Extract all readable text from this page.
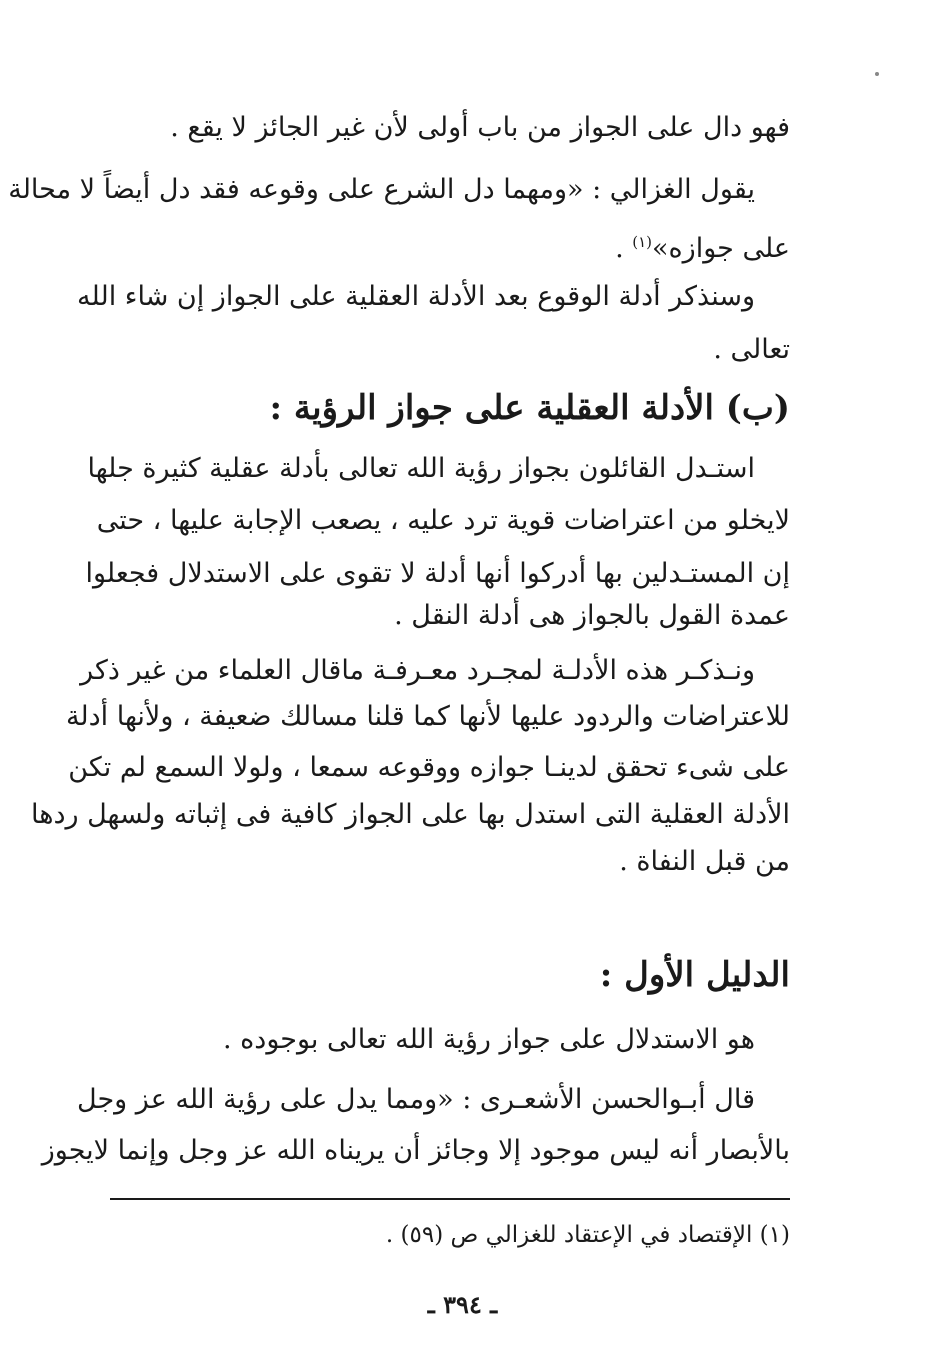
فهو دال على الجواز من باب أولى لأن غير الجائز لا يقع .
يقول الغزالي : «ومهما دل الشرع على وقوعه فقد دل أيضاً لا محالة
على جوازه»$^{(١)}$ .
وسنذكر أدلة الوقوع بعد الأدلة العقلية على الجواز إن شاء الله
تعالى .
(ب) الأدلة العقلية على جواز الرؤية :
استـدل القائلون بجواز رؤية الله تعالى بأدلة عقلية كثيرة جلها
لايخلو من اعتراضات قوية ترد عليه ، يصعب الإجابة عليها ، حتى
إن المستـدلين بها أدركوا أنها أدلة لا تقوى على الاستدلال فجعلوا
عمدة القول بالجواز هى أدلة النقل .
ونـذكـر هذه الأدلـة لمجـرد معـرفـة ماقال العلماء من غير ذكر
للاعتراضات والردود عليها لأنها كما قلنا مسالك ضعيفة ، ولأنها أدلة
على شىء تحقق لدينـا جوازه ووقوعه سمعا ، ولولا السمع لم تكن
الأدلة العقلية التى استدل بها على الجواز كافية فى إثباته ولسهل ردها
من قبل النفاة .
الدليل الأول :
هو الاستدلال على جواز رؤية الله تعالى بوجوده .
قال أبـوالحسن الأشعـرى : «ومما يدل على رؤية الله عز وجل
بالأبصار أنه ليس موجود إلا وجائز أن يريناه الله عز وجل وإنما لايجوز
(١) الإقتصاد في الإعتقاد للغزالي ص (٥٩) .
ـ ٣٩٤ ـ
